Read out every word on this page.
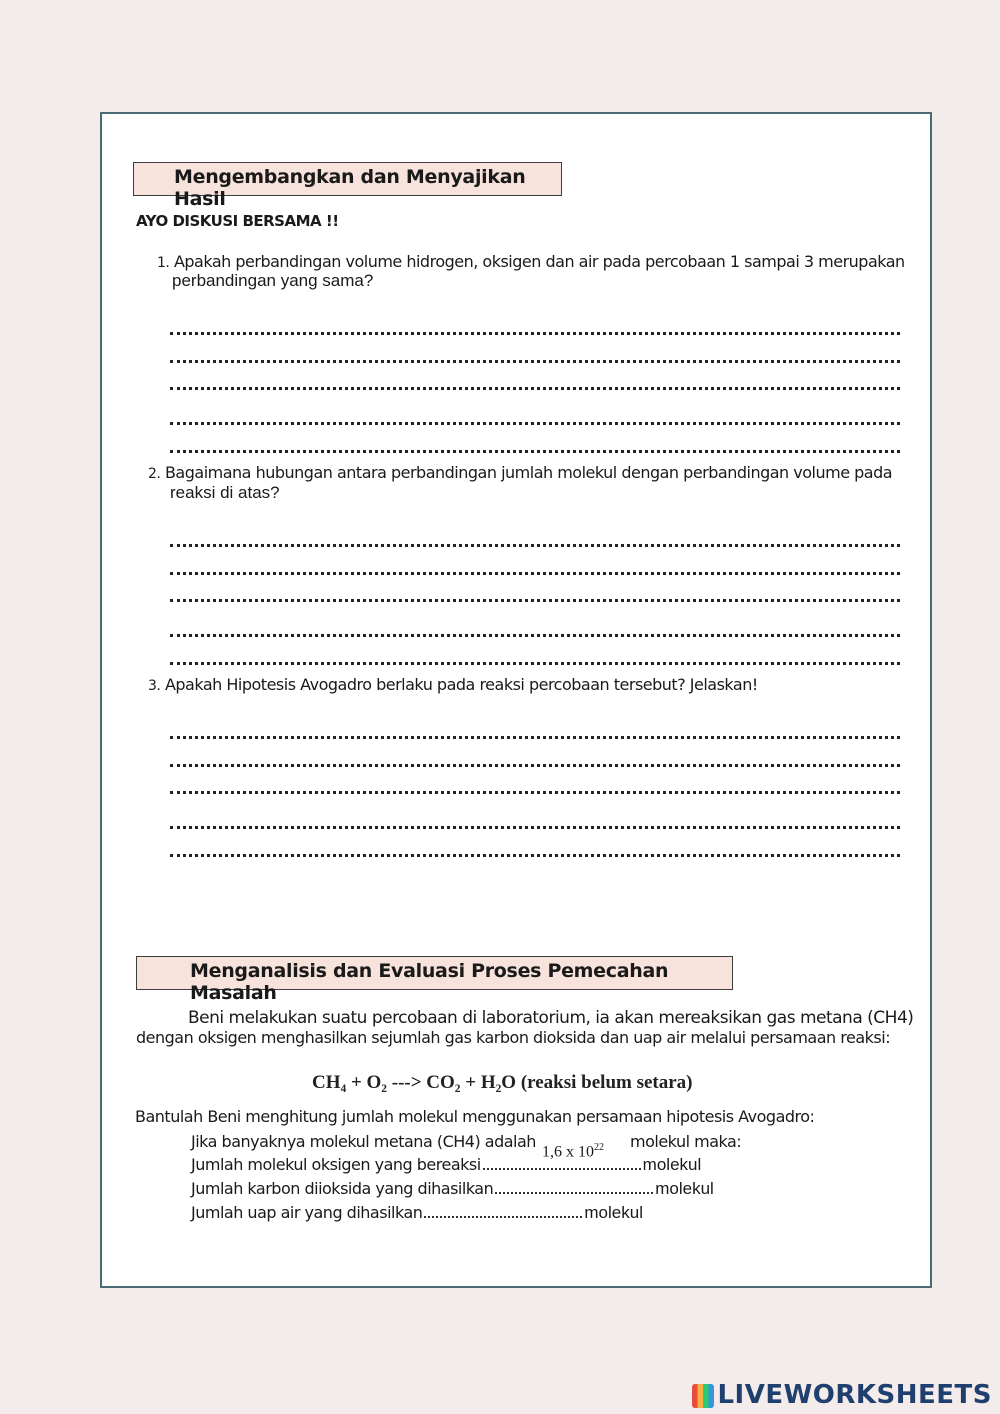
Mengembangkan dan Menyajikan Hasil
AYO DISKUSI BERSAMA !!
1. Apakah perbandingan volume hidrogen, oksigen dan air pada percobaan 1 sampai 3 merupakan
perbandingan yang sama?
2. Bagaimana hubungan antara perbandingan jumlah molekul dengan perbandingan volume pada
reaksi di atas?
3. Apakah Hipotesis Avogadro berlaku pada reaksi percobaan tersebut? Jelaskan!
Menganalisis dan Evaluasi Proses Pemecahan Masalah
Beni melakukan suatu percobaan di laboratorium, ia akan mereaksikan gas metana (CH4)
dengan oksigen menghasilkan sejumlah gas karbon dioksida dan uap air melalui persamaan reaksi:
CH₄ + O₂ ---> CO₂ + H₂O (reaksi belum setara)
Bantulah Beni menghitung jumlah molekul menggunakan persamaan hipotesis Avogadro:
Jika banyaknya molekul metana (CH4) adalah
1,6 x $10^{22}$ molekul maka:
Jumlah molekul oksigen yang bereaksi	molekul
Jumlah karbon diioksida yang dihasilkan	molekul
Jumlah uap air yang dihasilkan	molekul
LIVEWORKSHEETS
